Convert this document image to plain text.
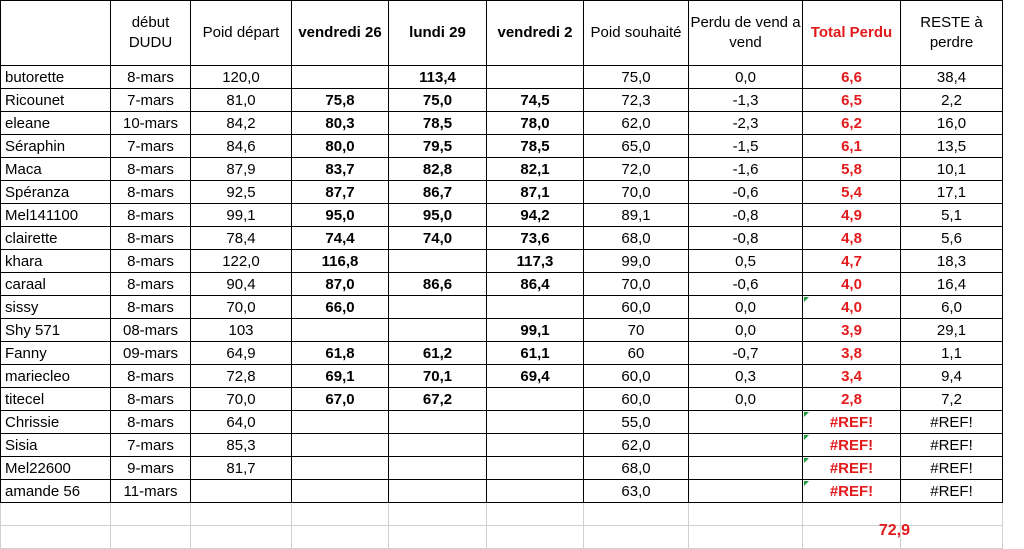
	début DUDU	Poid départ	vendredi 26	lundi 29	vendredi 2	Poid souhaité	Perdu de vend a vend	Total Perdu	RESTE à perdre
butorette	8-mars	120,0		113,4		75,0	0,0	6,6	38,4
Ricounet	7-mars	81,0	75,8	75,0	74,5	72,3	-1,3	6,5	2,2
eleane	10-mars	84,2	80,3	78,5	78,0	62,0	-2,3	6,2	16,0
Séraphin	7-mars	84,6	80,0	79,5	78,5	65,0	-1,5	6,1	13,5
Maca	8-mars	87,9	83,7	82,8	82,1	72,0	-1,6	5,8	10,1
Spéranza	8-mars	92,5	87,7	86,7	87,1	70,0	-0,6	5,4	17,1
Mel141100	8-mars	99,1	95,0	95,0	94,2	89,1	-0,8	4,9	5,1
clairette	8-mars	78,4	74,4	74,0	73,6	68,0	-0,8	4,8	5,6
khara	8-mars	122,0	116,8		117,3	99,0	0,5	4,7	18,3
caraal	8-mars	90,4	87,0	86,6	86,4	70,0	-0,6	4,0	16,4
sissy	8-mars	70,0	66,0			60,0	0,0	4,0	6,0
Shy 571	08-mars	103			99,1	70	0,0	3,9	29,1
Fanny	09-mars	64,9	61,8	61,2	61,1	60	-0,7	3,8	1,1
mariecleo	8-mars	72,8	69,1	70,1	69,4	60,0	0,3	3,4	9,4
titecel	8-mars	70,0	67,0	67,2		60,0	0,0	2,8	7,2
Chrissie	8-mars	64,0				55,0		#REF!	#REF!
Sisia	7-mars	85,3				62,0		#REF!	#REF!
Mel22600	9-mars	81,7				68,0		#REF!	#REF!
amande 56	11-mars					63,0		#REF!	#REF!

72,9
